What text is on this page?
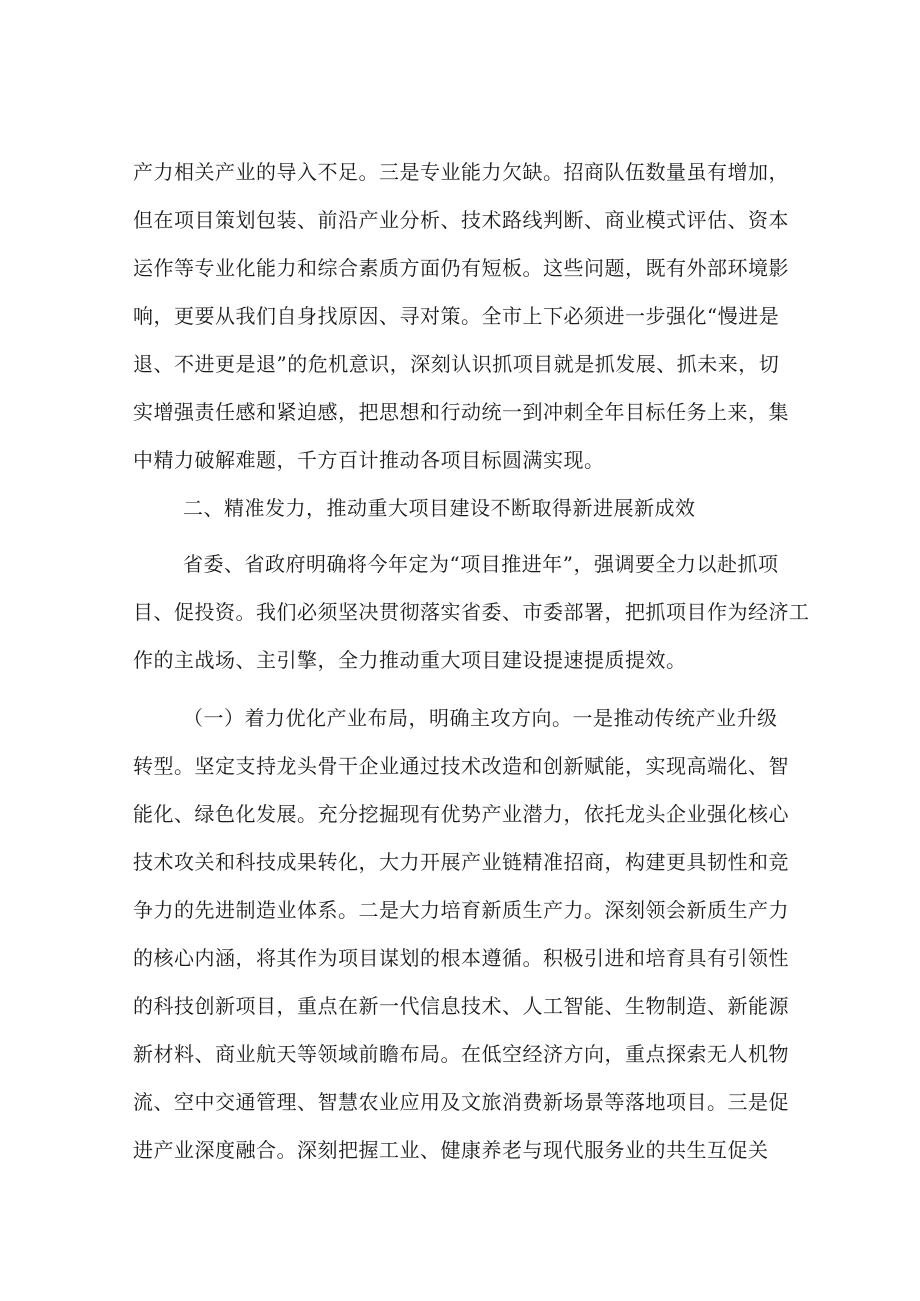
产力相关产业的导入不足。三是专业能力欠缺。招商队伍数量虽有增加，
但在项目策划包装、前沿产业分析、技术路线判断、商业模式评估、资本
运作等专业化能力和综合素质方面仍有短板。这些问题，既有外部环境影
响，更要从我们自身找原因、寻对策。全市上下必须进一步强化“慢进是
退、不进更是退”的危机意识，深刻认识抓项目就是抓发展、抓未来，切
实增强责任感和紧迫感，把思想和行动统一到冲刺全年目标任务上来，集
中精力破解难题，千方百计推动各项目标圆满实现。
二、精准发力，推动重大项目建设不断取得新进展新成效
省委、省政府明确将今年定为“项目推进年”，强调要全力以赴抓项
目、促投资。我们必须坚决贯彻落实省委、市委部署，把抓项目作为经济工
作的主战场、主引擎，全力推动重大项目建设提速提质提效。
（一）着力优化产业布局，明确主攻方向。一是推动传统产业升级
转型。坚定支持龙头骨干企业通过技术改造和创新赋能，实现高端化、智
能化、绿色化发展。充分挖掘现有优势产业潜力，依托龙头企业强化核心
技术攻关和科技成果转化，大力开展产业链精准招商，构建更具韧性和竞
争力的先进制造业体系。二是大力培育新质生产力。深刻领会新质生产力
的核心内涵，将其作为项目谋划的根本遵循。积极引进和培育具有引领性
的科技创新项目，重点在新一代信息技术、人工智能、生物制造、新能源
新材料、商业航天等领域前瞻布局。在低空经济方向，重点探索无人机物
流、空中交通管理、智慧农业应用及文旅消费新场景等落地项目。三是促
进产业深度融合。深刻把握工业、健康养老与现代服务业的共生互促关
